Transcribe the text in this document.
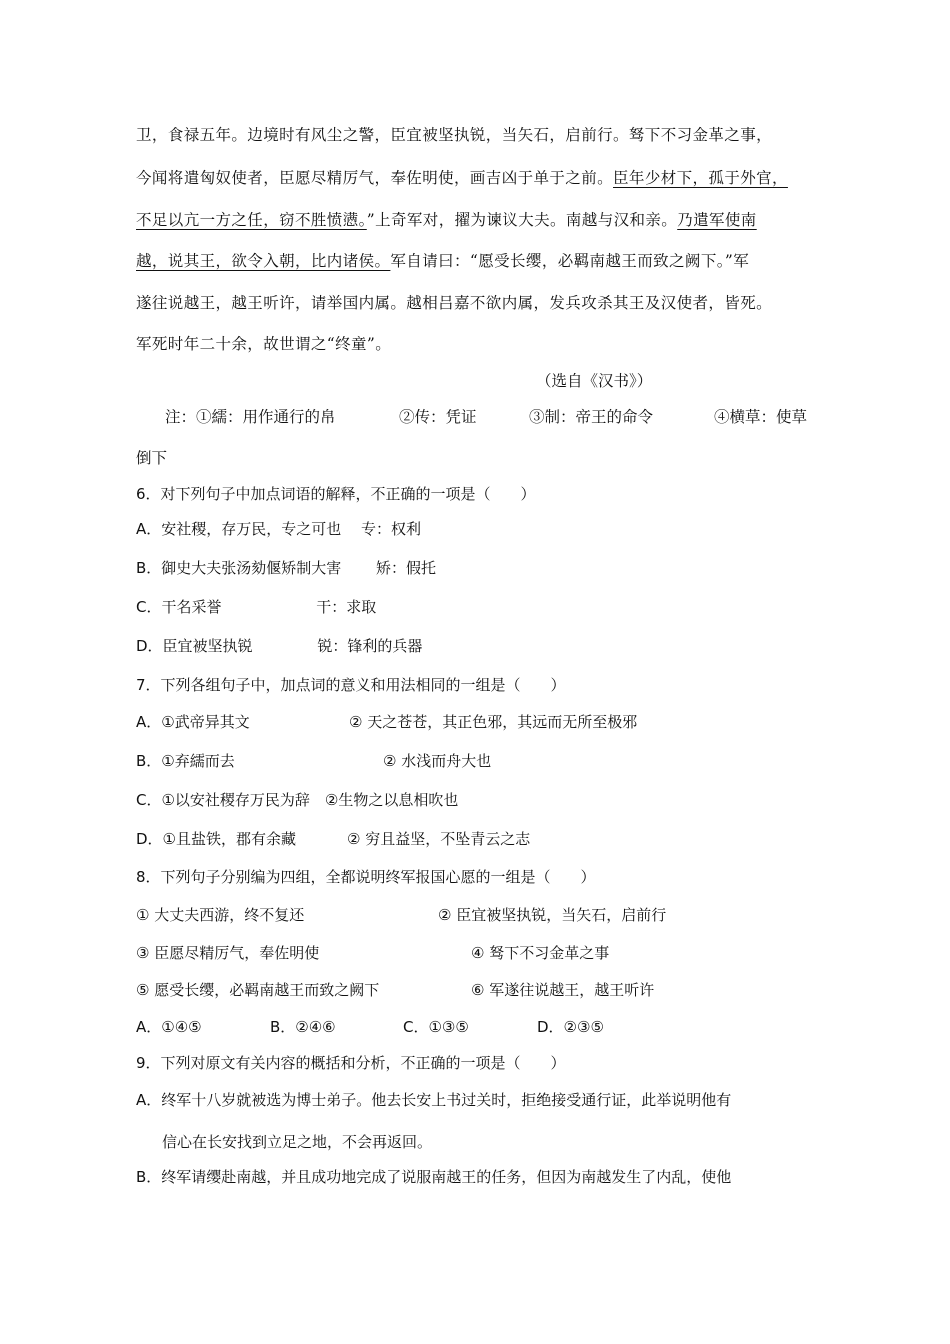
卫，食禄五年。边境时有风尘之警，臣宜被坚执锐，当矢石，启前行。驽下不习金革之事，
今闻将遣匈奴使者，臣愿尽精厉气，奉佐明使，画吉凶于单于之前。臣年少材下，孤于外官，
不足以亢一方之任，窃不胜愤懑。”上奇军对，擢为谏议大夫。南越与汉和亲。乃遣军使南
越，说其王，欲令入朝，比内诸侯。军自请曰：“愿受长缨，必羁南越王而致之阙下。”军
遂往说越王，越王听许，请举国内属。越相吕嘉不欲内属，发兵攻杀其王及汉使者，皆死。
军死时年二十余，故世谓之“终童”。
（选自《汉书》）
注：①繻：用作通行的帛	②传：凭证	③制：帝王的命令	④横草：使草
倒下
6．对下列句子中加点词语的解释，不正确的一项是（　　）
A．安社稷，存万民，专之可也　 专：权利
B．御史大夫张汤劾偃矫制大害　　 矫：假托
C．干名采誉　　　　　　 干：求取
D．臣宜被坚执锐　　　　 锐：锋利的兵器
7．下列各组句子中，加点词的意义和用法相同的一组是（　　）
A．①武帝异其文	② 天之苍苍，其正色邪，其远而无所至极邪
B．①弃繻而去	② 水浅而舟大也
C．①以安社稷存万民为辞　②生物之以息相吹也
D．①且盐铁，郡有余藏	② 穷且益坚，不坠青云之志
8．下列句子分别编为四组，全都说明终军报国心愿的一组是（　　）
① 大丈夫西游，终不复还	② 臣宜被坚执锐，当矢石，启前行
③ 臣愿尽精厉气，奉佐明使	④ 驽下不习金革之事
⑤ 愿受长缨，必羁南越王而致之阙下	⑥ 军遂往说越王，越王听许
A．①④⑤	B．②④⑥	C．①③⑤	D．②③⑤
9．下列对原文有关内容的概括和分析，不正确的一项是（　　）
A．终军十八岁就被选为博士弟子。他去长安上书过关时，拒绝接受通行证，此举说明他有
信心在长安找到立足之地，不会再返回。
B．终军请缨赴南越，并且成功地完成了说服南越王的任务，但因为南越发生了内乱，使他
